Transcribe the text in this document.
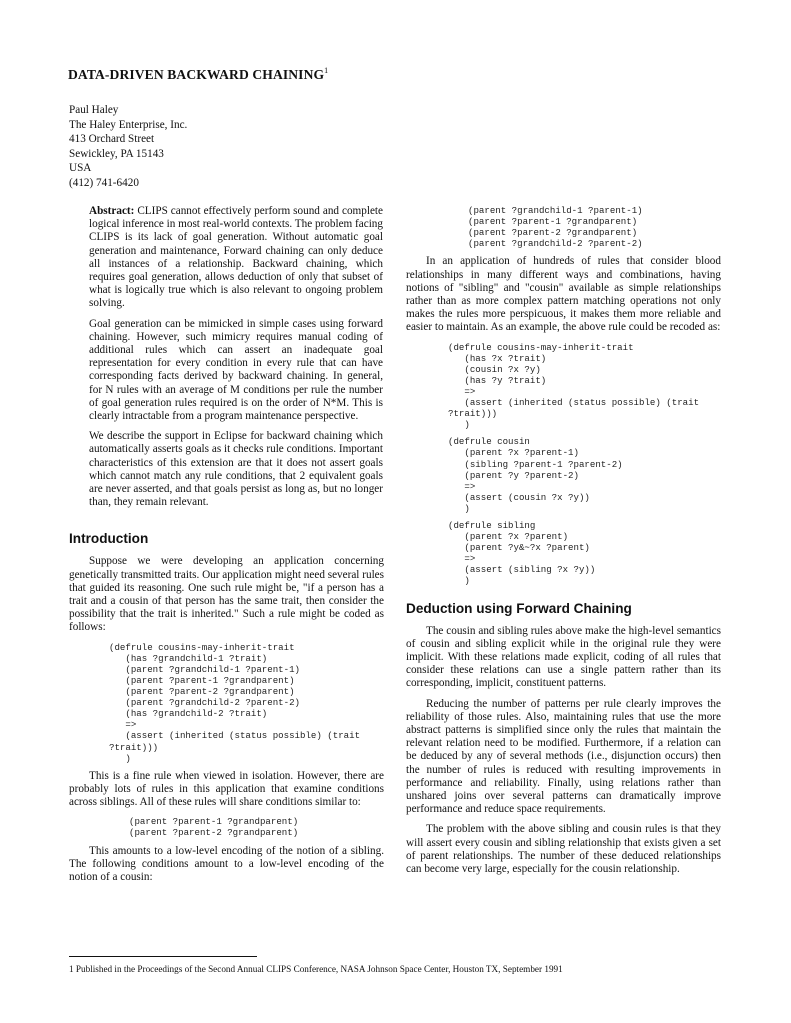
DATA-DRIVEN BACKWARD CHAINING$^1$
Paul Haley
The Haley Enterprise, Inc.
413 Orchard Street
Sewickley, PA 15143
USA
(412) 741-6420

Abstract: CLIPS cannot effectively perform sound and complete logical inference in most real-world contexts. The problem facing CLIPS is its lack of goal generation. Without automatic goal generation and maintenance, Forward chaining can only deduce all instances of a relationship. Backward chaining, which requires goal generation, allows deduction of only that subset of what is logically true which is also relevant to ongoing problem solving.

Goal generation can be mimicked in simple cases using forward chaining. However, such mimicry requires manual coding of additional rules which can assert an inadequate goal representation for every condition in every rule that can have corresponding facts derived by backward chaining. In general, for N rules with an average of M conditions per rule the number of goal generation rules required is on the order of N*M. This is clearly intractable from a program maintenance perspective.

We describe the support in Eclipse for backward chaining which automatically asserts goals as it checks rule conditions. Important characteristics of this extension are that it does not assert goals which cannot match any rule conditions, that 2 equivalent goals are never asserted, and that goals persist as long as, but no longer than, they remain relevant.

Introduction

Suppose we were developing an application concerning genetically transmitted traits. Our application might need several rules that guided its reasoning. One such rule might be, "if a person has a trait and a cousin of that person has the same trait, then consider the possibility that the trait is inherited." Such a rule might be coded as follows:

(defrule cousins-may-inherit-trait
(has ?grandchild-1 ?trait)
(parent ?grandchild-1 ?parent-1)
(parent ?parent-1 ?grandparent)
(parent ?parent-2 ?grandparent)
(parent ?grandchild-2 ?parent-2)
(has ?grandchild-2 ?trait)
=>
(assert (inherited (status possible) (trait
?trait)))
)

This is a fine rule when viewed in isolation. However, there are probably lots of rules in this application that examine conditions across siblings. All of these rules will share conditions similar to:

(parent ?parent-1 ?grandparent)
(parent ?parent-2 ?grandparent)

This amounts to a low-level encoding of the notion of a sibling. The following conditions amount to a low-level encoding of the notion of a cousin:

(parent ?grandchild-1 ?parent-1)
(parent ?parent-1 ?grandparent)
(parent ?parent-2 ?grandparent)
(parent ?grandchild-2 ?parent-2)

In an application of hundreds of rules that consider blood relationships in many different ways and combinations, having notions of "sibling" and "cousin" available as simple relationships rather than as more complex pattern matching operations not only makes the rules more perspicuous, it makes them more reliable and easier to maintain. As an example, the above rule could be recoded as:

(defrule cousins-may-inherit-trait
(has ?x ?trait)
(cousin ?x ?y)
(has ?y ?trait)
=>
(assert (inherited (status possible) (trait
?trait)))
)
(defrule cousin
(parent ?x ?parent-1)
(sibling ?parent-1 ?parent-2)
(parent ?y ?parent-2)
=>
(assert (cousin ?x ?y))
)
(defrule sibling
(parent ?x ?parent)
(parent ?y&~?x ?parent)
=>
(assert (sibling ?x ?y))
)
Deduction using Forward Chaining

The cousin and sibling rules above make the high-level semantics of cousin and sibling explicit while in the original rule they were implicit. With these relations made explicit, coding of all rules that consider these relations can use a single pattern rather than its corresponding, implicit, constituent patterns.

Reducing the number of patterns per rule clearly improves the reliability of those rules. Also, maintaining rules that use the more abstract patterns is simplified since only the rules that maintain the relevant relation need to be modified. Furthermore, if a relation can be deduced by any of several methods (i.e., disjunction occurs) then the number of rules is reduced with resulting improvements in performance and reliability. Finally, using relations rather than unshared joins over several patterns can dramatically improve performance and reduce space requirements.

The problem with the above sibling and cousin rules is that they will assert every cousin and sibling relationship that exists given a set of parent relationships. The number of these deduced relationships can become very large, especially for the cousin relationship.

1 Published in the Proceedings of the Second Annual CLIPS Conference, NASA Johnson Space Center, Houston TX, September 1991
